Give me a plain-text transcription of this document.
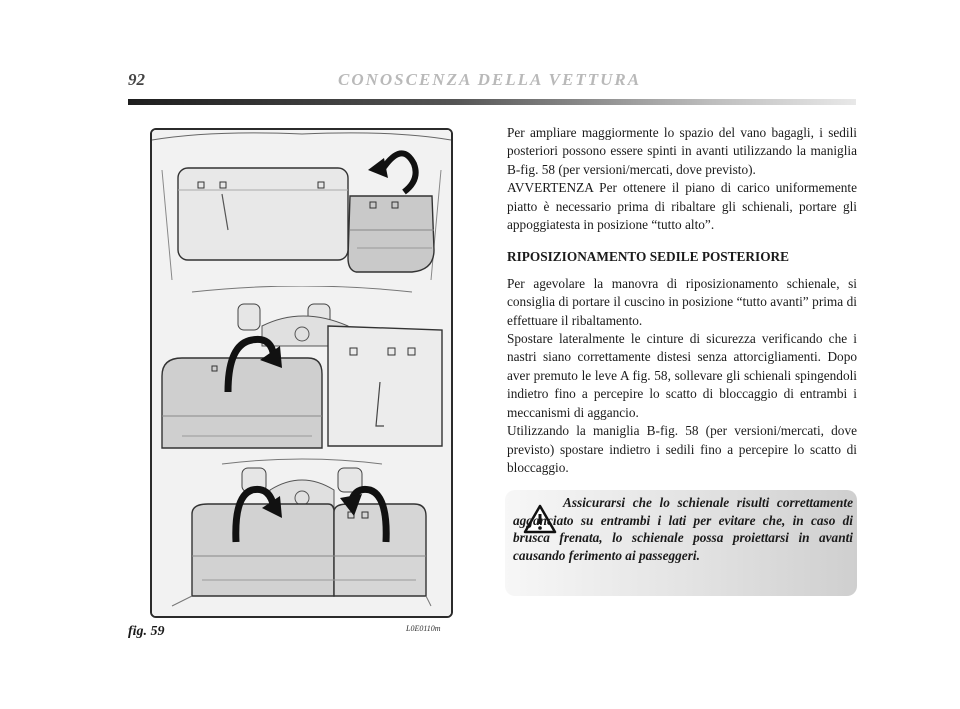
92	CONOSCENZA DELLA VETTURA
fig. 59	L0E0110m

Per ampliare maggiormente lo spazio del vano bagagli, i sedili posteriori possono essere spinti in avanti utilizzando la maniglia B-fig. 58 (per versioni/mercati, dove previsto).

AVVERTENZA Per ottenere il piano di carico uniformemente piatto è necessario prima di ribaltare gli schienali, portare gli appoggiatesta in posizione “tutto alto”.

RIPOSIZIONAMENTO SEDILE POSTERIORE

Per agevolare la manovra di riposizionamento schienale, si consiglia di portare il cuscino in posizione “tutto avanti” prima di effettuare il ribaltamento.

Spostare lateralmente le cinture di sicurezza verificando che i nastri siano correttamente distesi senza attorcigliamenti. Dopo aver premuto le leve A fig. 58, sollevare gli schienali spingendoli indietro fino a percepire lo scatto di bloccaggio di entrambi i meccanismi di aggancio.

Utilizzando la maniglia B-fig. 58 (per versioni/mercati, dove previsto) spostare indietro i sedili fino a percepire lo scatto di bloccaggio.

Assicurarsi che lo schienale risulti correttamente agganciato su entrambi i lati per evitare che, in caso di brusca frenata, lo schienale possa proiettarsi in avanti causando ferimento ai passeggeri.
